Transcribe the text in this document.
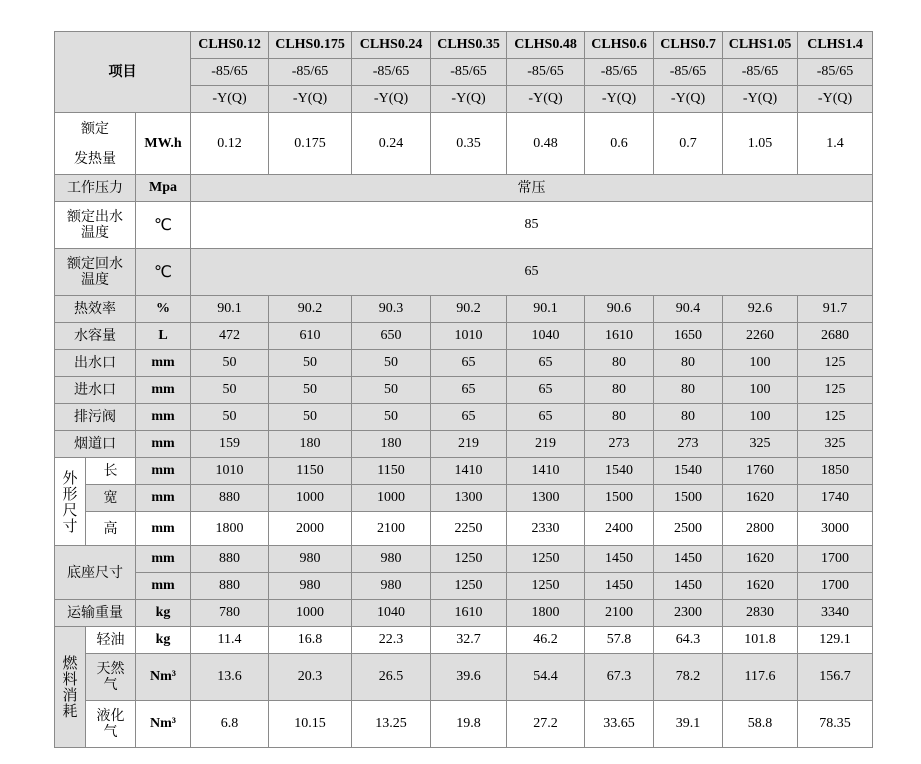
项目			CLHS0.12	CLHS0.175	CLHS0.24	CLHS0.35	CLHS0.48	CLHS0.6	CLHS0.7	CLHS1.05	CLHS1.4
			-85/65	-85/65	-85/65	-85/65	-85/65	-85/65	-85/65	-85/65	-85/65
			-Y(Q)	-Y(Q)	-Y(Q)	-Y(Q)	-Y(Q)	-Y(Q)	-Y(Q)	-Y(Q)	-Y(Q)

额定
发热量		MW.h	0.12	0.175	0.24	0.35	0.48	0.6	0.7	1.05	1.4
工作压力		Mpa	常压								

额定出水
温度		℃	85								

额定回水
温度		℃	65								
热效率		%	90.1	90.2	90.3	90.2	90.1	90.6	90.4	92.6	91.7
水容量		L	472	610	650	1010	1040	1610	1650	2260	2680
出水口		mm	50	50	50	65	65	80	80	100	125
进水口		mm	50	50	50	65	65	80	80	100	125
排污阀		mm	50	50	50	65	65	80	80	100	125
烟道口		mm	159	180	180	219	219	273	273	325	325

外
形
尺
寸	长	mm	1010	1150	1150	1410	1410	1540	1540	1760	1850
	宽	mm	880	1000	1000	1300	1300	1500	1500	1620	1740
	高	mm	1800	2000	2100	2250	2330	2400	2500	2800	3000
底座尺寸		mm	880	980	980	1250	1250	1450	1450	1620	1700
		mm	880	980	980	1250	1250	1450	1450	1620	1700
运输重量		kg	780	1000	1040	1610	1800	2100	2300	2830	3340

燃
料
消
耗	轻油	kg	11.4	16.8	22.3	32.7	46.2	57.8	64.3	101.8	129.1

	天然
气	Nm³	13.6	20.3	26.5	39.6	54.4	67.3	78.2	117.6	156.7

	液化
气	Nm³	6.8	10.15	13.25	19.8	27.2	33.65	39.1	58.8	78.35
